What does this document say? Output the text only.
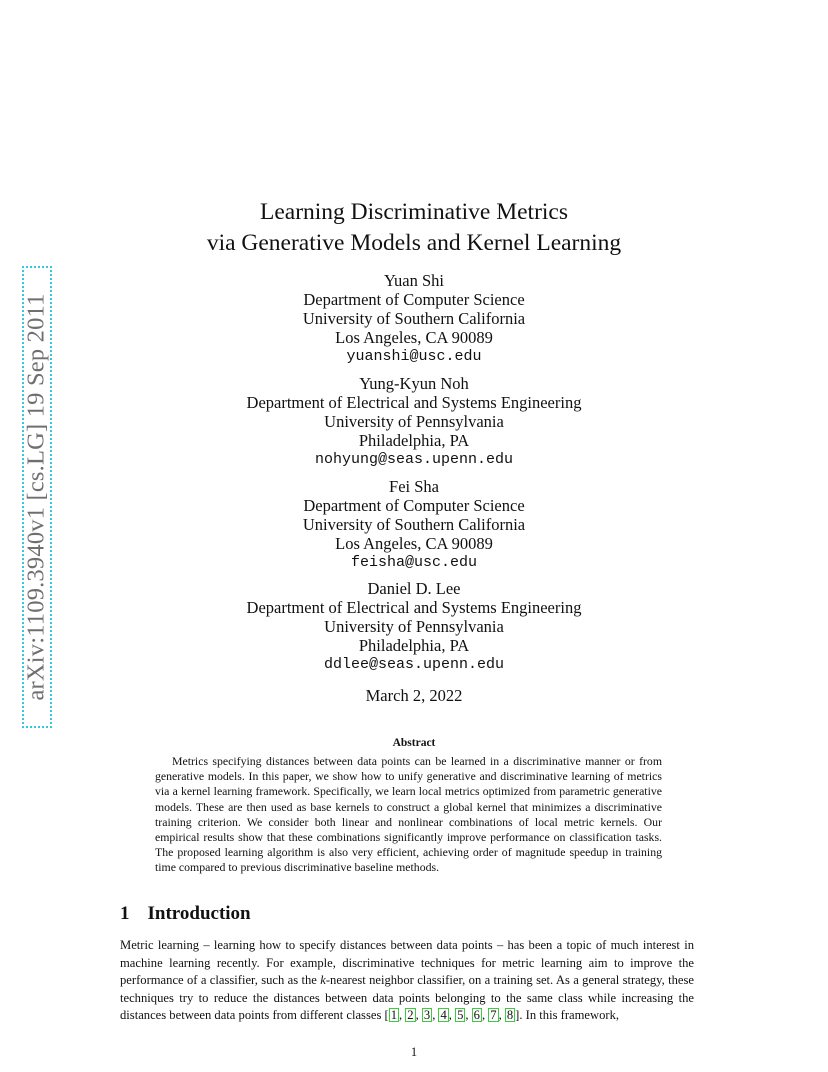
arXiv:1109.3940v1 [cs.LG] 19 Sep 2011
Learning Discriminative Metrics
via Generative Models and Kernel Learning
Yuan Shi
Department of Computer Science
University of Southern California
Los Angeles, CA 90089
yuanshi@usc.edu
Yung-Kyun Noh
Department of Electrical and Systems Engineering
University of Pennsylvania
Philadelphia, PA
nohyung@seas.upenn.edu
Fei Sha
Department of Computer Science
University of Southern California
Los Angeles, CA 90089
feisha@usc.edu
Daniel D. Lee
Department of Electrical and Systems Engineering
University of Pennsylvania
Philadelphia, PA
ddlee@seas.upenn.edu
March 2, 2022
Abstract
Metrics specifying distances between data points can be learned in a discriminative manner or from generative models. In this paper, we show how to unify generative and discriminative learning of metrics via a kernel learning framework. Specifically, we learn local metrics optimized from parametric generative models. These are then used as base kernels to construct a global kernel that minimizes a discriminative training criterion. We consider both linear and nonlinear combinations of local metric kernels. Our empirical results show that these combinations significantly improve performance on classification tasks. The proposed learning algorithm is also very efficient, achieving order of magnitude speedup in training time compared to previous discriminative baseline methods.
1 Introduction
Metric learning – learning how to specify distances between data points – has been a topic of much interest in machine learning recently. For example, discriminative techniques for metric learning aim to improve the performance of a classifier, such as the k-nearest neighbor classifier, on a training set. As a general strategy, these techniques try to reduce the distances between data points belonging to the same class while increasing the distances between data points from different classes [ 1 , 2 , 3 , 4 , 5 , 6 , 7 , 8 ]. In this framework,
1
